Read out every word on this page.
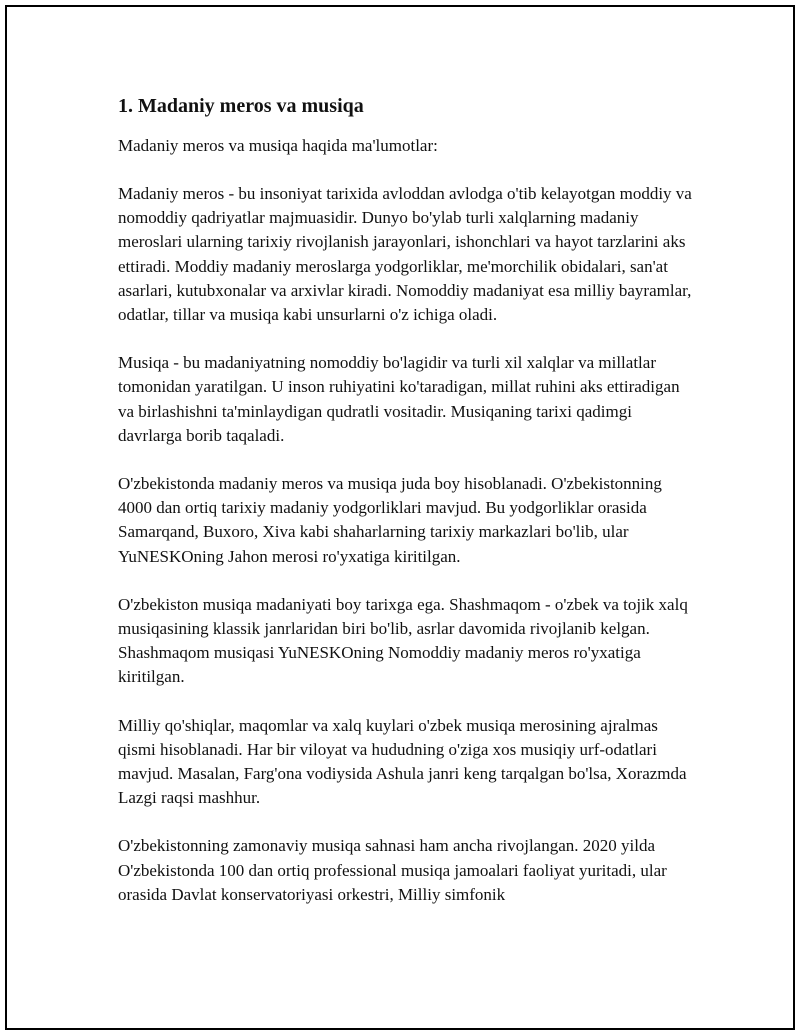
1. Madaniy meros va musiqa

Madaniy meros va musiqa haqida ma'lumotlar:

Madaniy meros - bu insoniyat tarixida avloddan avlodga o'tib kelayotgan moddiy va nomoddiy qadriyatlar majmuasidir. Dunyo bo'ylab turli xalqlarning madaniy meroslari ularning tarixiy rivojlanish jarayonlari, ishonchlari va hayot tarzlarini aks ettiradi. Moddiy madaniy meroslarga yodgorliklar, me'morchilik obidalari, san'at asarlari, kutubxonalar va arxivlar kiradi. Nomoddiy madaniyat esa milliy bayramlar, odatlar, tillar va musiqa kabi unsurlarni o'z ichiga oladi.

Musiqa - bu madaniyatning nomoddiy bo'lagidir va turli xil xalqlar va millatlar tomonidan yaratilgan. U inson ruhiyatini ko'taradigan, millat ruhini aks ettiradigan va birlashishni ta'minlaydigan qudratli vositadir. Musiqaning tarixi qadimgi davrlarga borib taqaladi.

O'zbekistonda madaniy meros va musiqa juda boy hisoblanadi. O'zbekistonning 4000 dan ortiq tarixiy madaniy yodgorliklari mavjud. Bu yodgorliklar orasida Samarqand, Buxoro, Xiva kabi shaharlarning tarixiy markazlari bo'lib, ular YuNESKOning Jahon merosi ro'yxatiga kiritilgan.

O'zbekiston musiqa madaniyati boy tarixga ega. Shashmaqom - o'zbek va tojik xalq musiqasining klassik janrlaridan biri bo'lib, asrlar davomida rivojlanib kelgan. Shashmaqom musiqasi YuNESKOning Nomoddiy madaniy meros ro'yxatiga kiritilgan.

Milliy qo'shiqlar, maqomlar va xalq kuylari o'zbek musiqa merosining ajralmas qismi hisoblanadi. Har bir viloyat va hududning o'ziga xos musiqiy urf-odatlari mavjud. Masalan, Farg'ona vodiysida Ashula janri keng tarqalgan bo'lsa, Xorazmda Lazgi raqsi mashhur.

O'zbekistonning zamonaviy musiqa sahnasi ham ancha rivojlangan. 2020 yilda O'zbekistonda 100 dan ortiq professional musiqa jamoalari faoliyat yuritadi, ular orasida Davlat konservatoriyasi orkestri, Milliy simfonik
